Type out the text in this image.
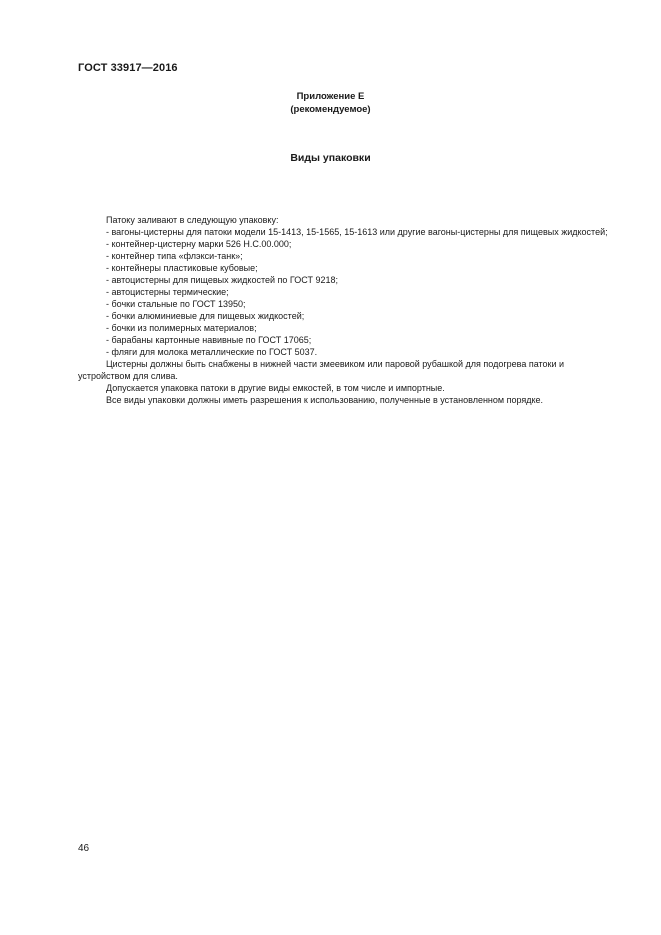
ГОСТ 33917—2016
Приложение Е
(рекомендуемое)
Виды упаковки

Патоку заливают в следующую упаковку:

- вагоны-цистерны для патоки модели 15-1413, 15-1565, 15-1613 или другие вагоны-цистерны для пищевых жидкостей;
- контейнер-цистерну марки 526 Н.С.00.000;
- контейнер типа «флэкси-танк»;
- контейнеры пластиковые кубовые;
- автоцистерны для пищевых жидкостей по ГОСТ 9218;
- автоцистерны термические;
- бочки стальные по ГОСТ 13950;
- бочки алюминиевые для пищевых жидкостей;
- бочки из полимерных материалов;
- барабаны картонные навивные по ГОСТ 17065;
- фляги для молока металлические по ГОСТ 5037.

Цистерны должны быть снабжены в нижней части змеевиком или паровой рубашкой для подогрева патоки и устройством для слива.

Допускается упаковка патоки в другие виды емкостей, в том числе и импортные.

Все виды упаковки должны иметь разрешения к использованию, полученные в установленном порядке.

46
